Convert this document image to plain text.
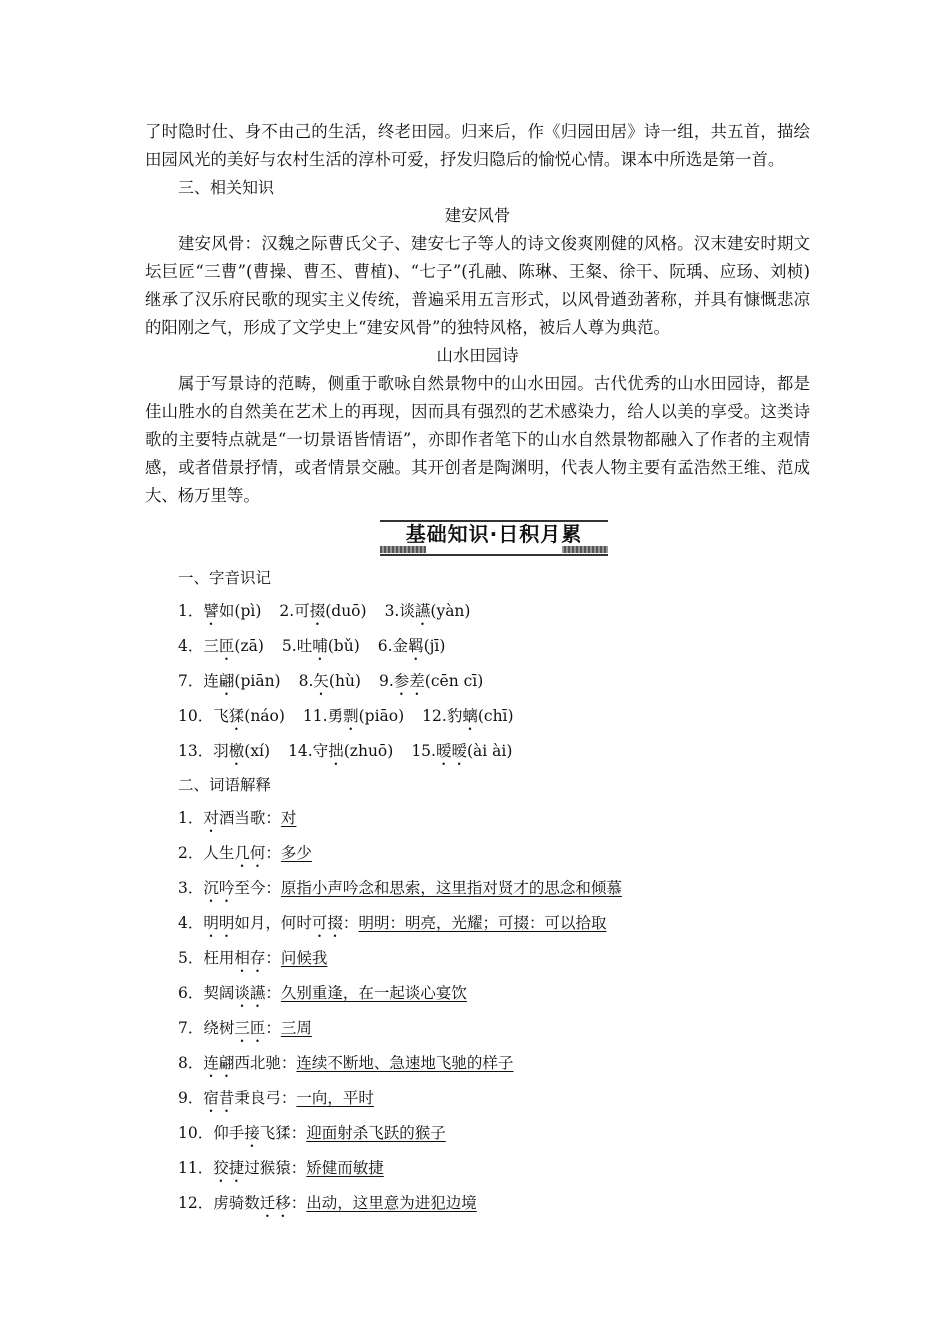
了时隐时仕、身不由己的生活，终老田园。归来后，作《归园田居》诗一组，共五首，描绘田园风光的美好与农村生活的淳朴可爱，抒发归隐后的愉悦心情。课本中所选是第一首。

三、相关知识

建安风骨

建安风骨：汉魏之际曹氏父子、建安七子等人的诗文俊爽刚健的风格。汉末建安时期文坛巨匠“三曹”(曹操、曹丕、曹植)、“七子”(孔融、陈琳、王粲、徐干、阮瑀、应玚、刘桢)继承了汉乐府民歌的现实主义传统，普遍采用五言形式，以风骨遒劲著称，并具有慷慨悲凉的阳刚之气，形成了文学史上“建安风骨”的独特风格，被后人尊为典范。

山水田园诗

属于写景诗的范畴，侧重于歌咏自然景物中的山水田园。古代优秀的山水田园诗，都是佳山胜水的自然美在艺术上的再现，因而具有强烈的艺术感染力，给人以美的享受。这类诗歌的主要特点就是“一切景语皆情语”，亦即作者笔下的山水自然景物都融入了作者的主观情感，或者借景抒情，或者情景交融。其开创者是陶渊明，代表人物主要有孟浩然王维、范成大、杨万里等。

基础知识·日积月累

一、字音识记

1．譬如(pì) 2.可掇(duō) 3.谈讌(yàn)
4．三匝(zā) 5.吐哺(bǔ) 6.金羁(jī)
7．连翩(piān) 8.矢(hù) 9.参差(cēn cī)
10．飞猱(náo) 11.勇剽(piāo) 12.豹螭(chī)
13．羽檄(xí) 14.守拙(zhuō) 15.暧暧(ài ài)

二、词语解释

1．对酒当歌：对
2．人生几何：多少
3．沉吟至今：原指小声吟念和思索，这里指对贤才的思念和倾慕
4．明明如月，何时可掇：明明：明亮，光耀；可掇：可以拾取
5．枉用相存：问候我
6．契阔谈讌：久别重逢，在一起谈心宴饮
7．绕树三匝：三周
8．连翩西北驰：连续不断地、急速地飞驰的样子
9．宿昔秉良弓：一向，平时
10．仰手接飞猱：迎面射杀飞跃的猴子
11．狡捷过猴猿：矫健而敏捷
12．虏骑数迁移：出动，这里意为进犯边境
